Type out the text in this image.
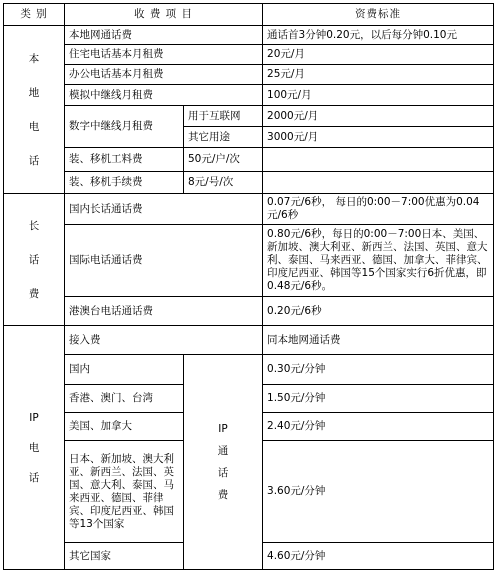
类 别	收 费 项 目		资费标准

本地电话	本地网通话费		通话首3分钟0.20元，以后每分钟0.10元
	住宅电话基本月租费		20元/月
	办公电话基本月租费		25元/月
	模拟中继线月租费		100元/月
	数字中继线月租费	用于互联网	2000元/月
		其它用途	3000元/月
	装、移机工料费	50元/户/次	
	装、移机手续费	8元/号/次	

长话费	国内长话通话费		0.07元/6秒， 每日的0:00－7:00优惠为0.04元/6秒
	国际电话通话费		0.80元/6秒，每日的0:00－7:00日本、美国、新加坡、澳大利亚、新西兰、法国、英国、意大利、泰国、马来西亚、德国、加拿大、菲律宾、印度尼西亚、韩国等15个国家实行6折优惠，即0.48元/6秒。
	港澳台电话通话费		0.20元/6秒

IP电话	接入费		同本地网通话费
	国内	IP通话费	0.30元/分钟
	香港、澳门、台湾		1.50元/分钟
	美国、加拿大		2.40元/分钟
	日本、新加坡、澳大利亚、新西兰、法国、英国、意大利、泰国、马来西亚、德国、菲律宾、印度尼西亚、韩国等13个国家		3.60元/分钟
	其它国家		4.60元/分钟
